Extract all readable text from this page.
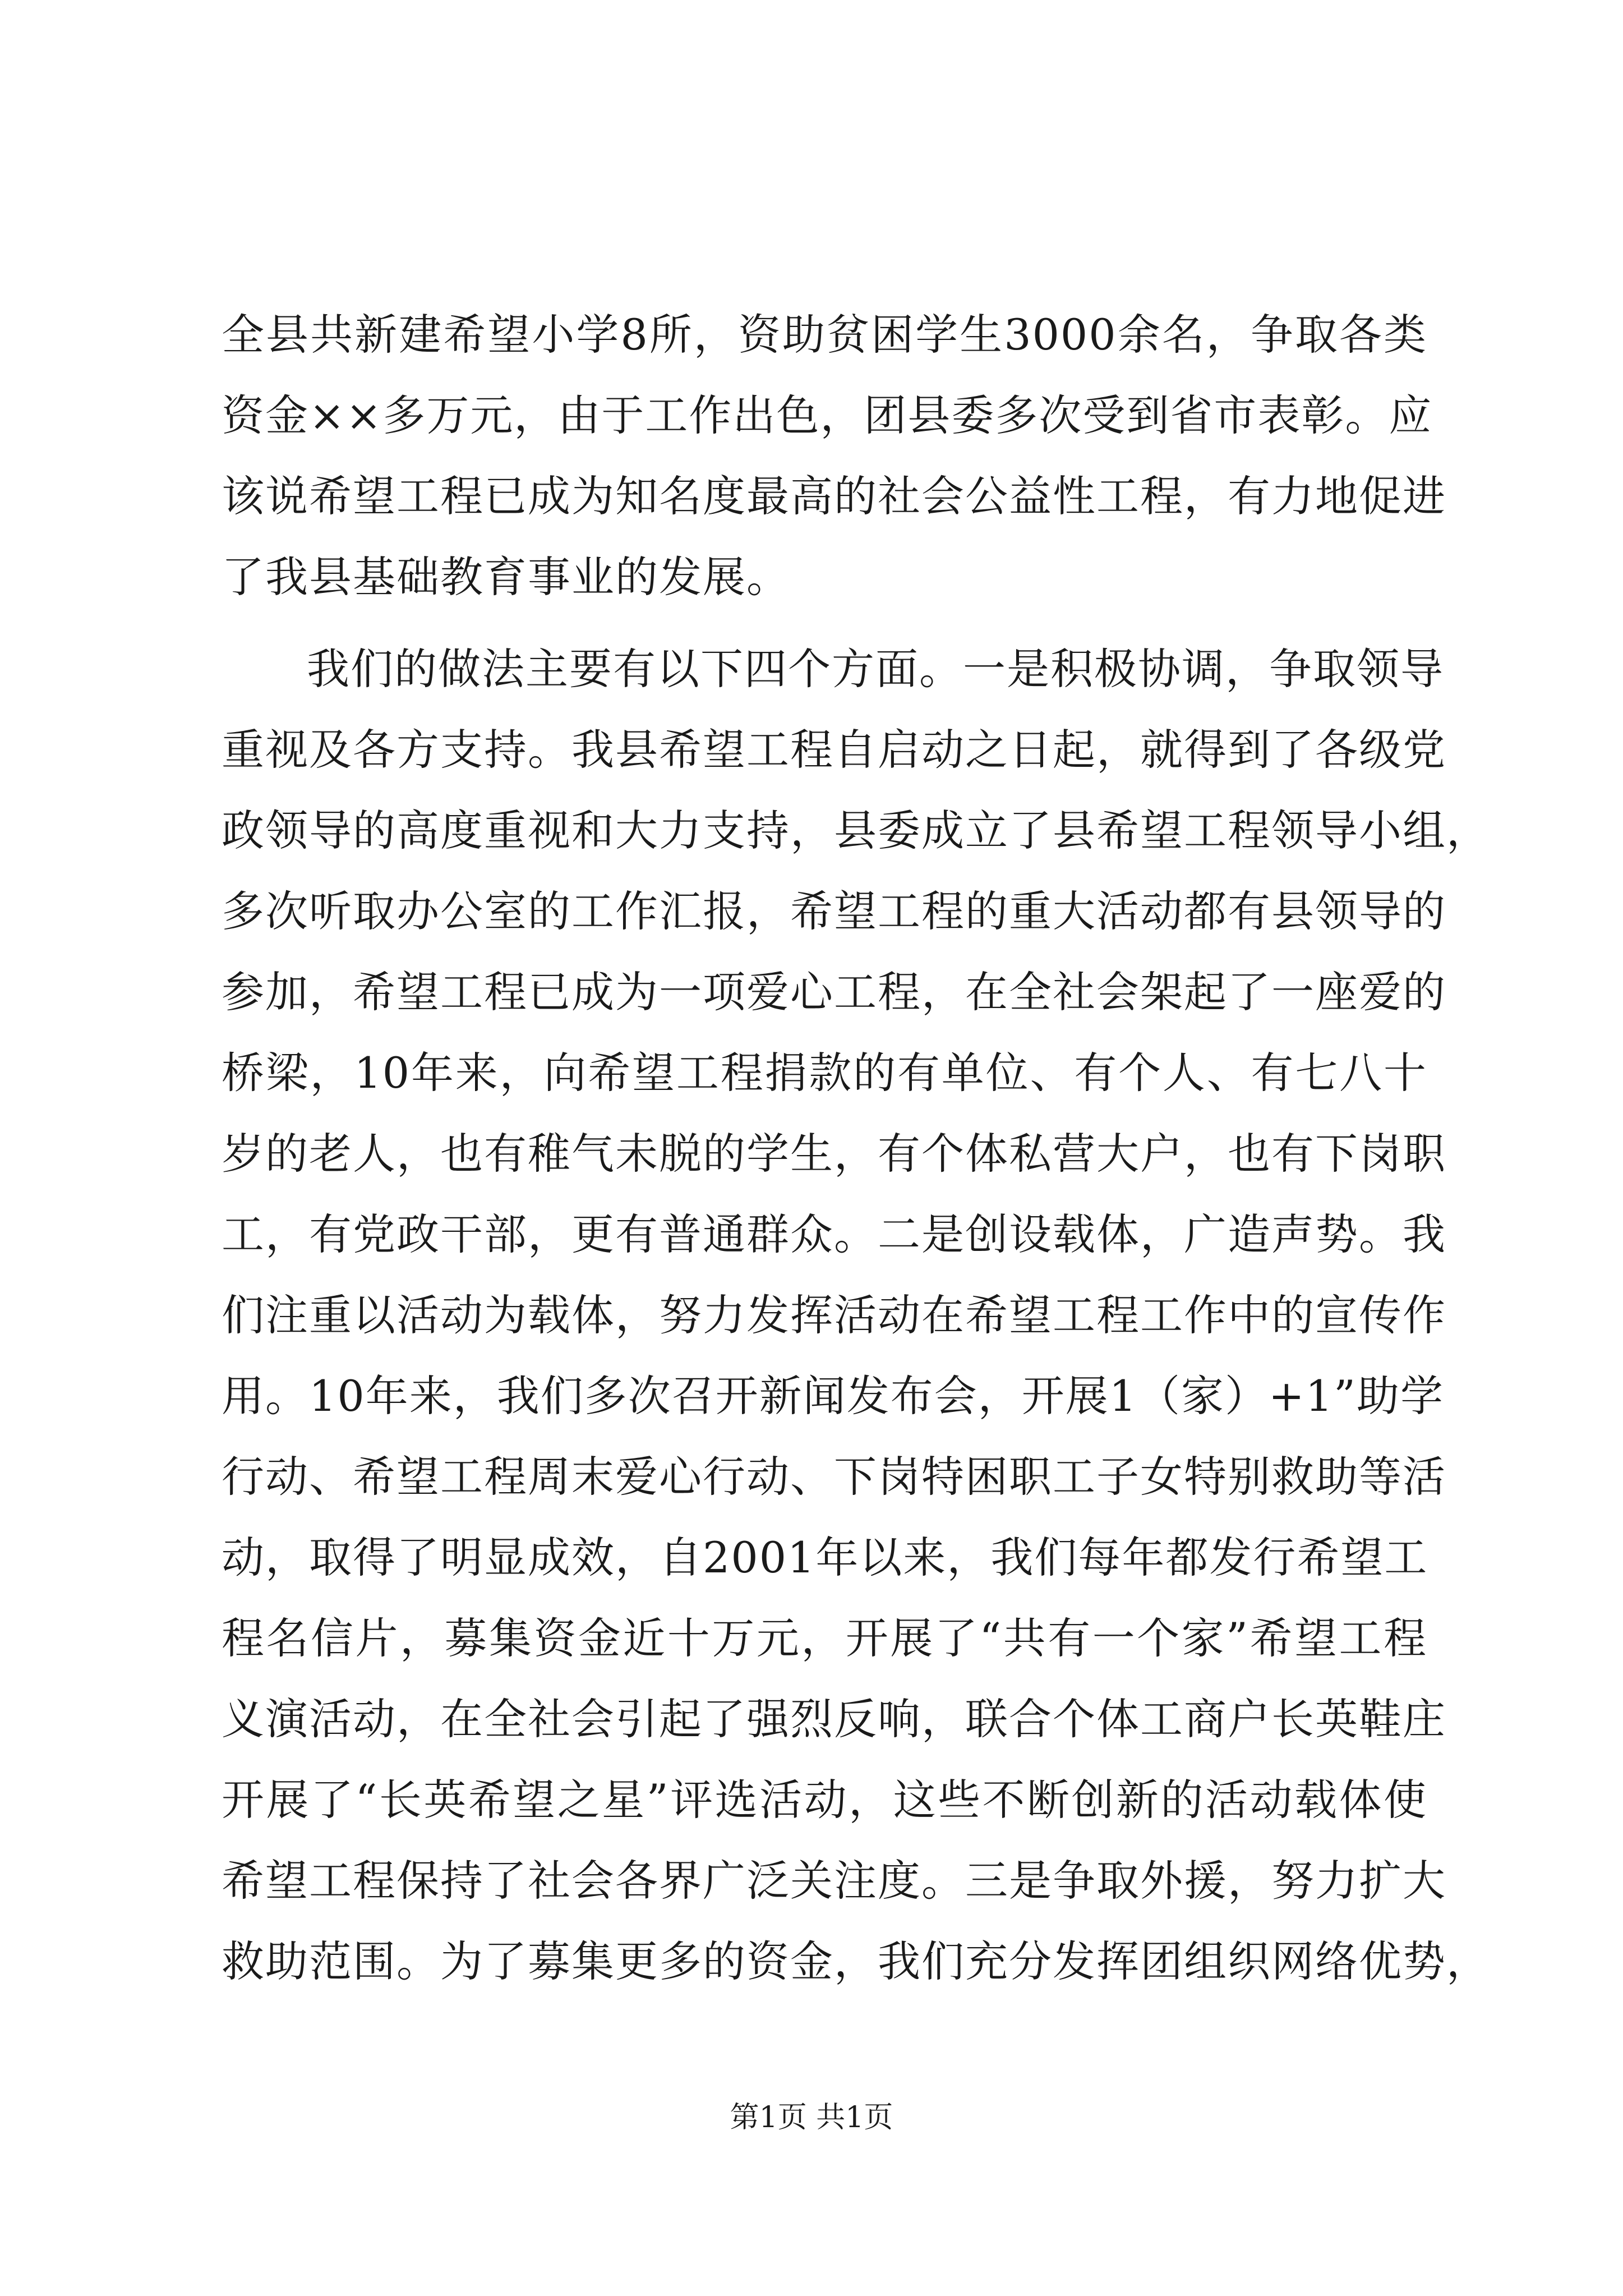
全县共新建希望小学8所，资助贫困学生3000余名，争取各类
资金××多万元，由于工作出色，团县委多次受到省市表彰。应
该说希望工程已成为知名度最高的社会公益性工程，有力地促进
了我县基础教育事业的发展。
我们的做法主要有以下四个方面。一是积极协调，争取领导
重视及各方支持。我县希望工程自启动之日起，就得到了各级党
政领导的高度重视和大力支持，县委成立了县希望工程领导小组，
多次听取办公室的工作汇报，希望工程的重大活动都有县领导的
参加，希望工程已成为一项爱心工程，在全社会架起了一座爱的
桥梁，10年来，向希望工程捐款的有单位、有个人、有七八十
岁的老人，也有稚气未脱的学生，有个体私营大户，也有下岗职
工，有党政干部，更有普通群众。二是创设载体，广造声势。我
们注重以活动为载体，努力发挥活动在希望工程工作中的宣传作
用。10年来，我们多次召开新闻发布会，开展1（家）+1”助学
行动、希望工程周末爱心行动、下岗特困职工子女特别救助等活
动，取得了明显成效，自2001年以来，我们每年都发行希望工
程名信片，募集资金近十万元，开展了“共有一个家”希望工程
义演活动，在全社会引起了强烈反响，联合个体工商户长英鞋庄
开展了“长英希望之星”评选活动，这些不断创新的活动载体使
希望工程保持了社会各界广泛关注度。三是争取外援，努力扩大
救助范围。为了募集更多的资金，我们充分发挥团组织网络优势，
第1页 共1页
